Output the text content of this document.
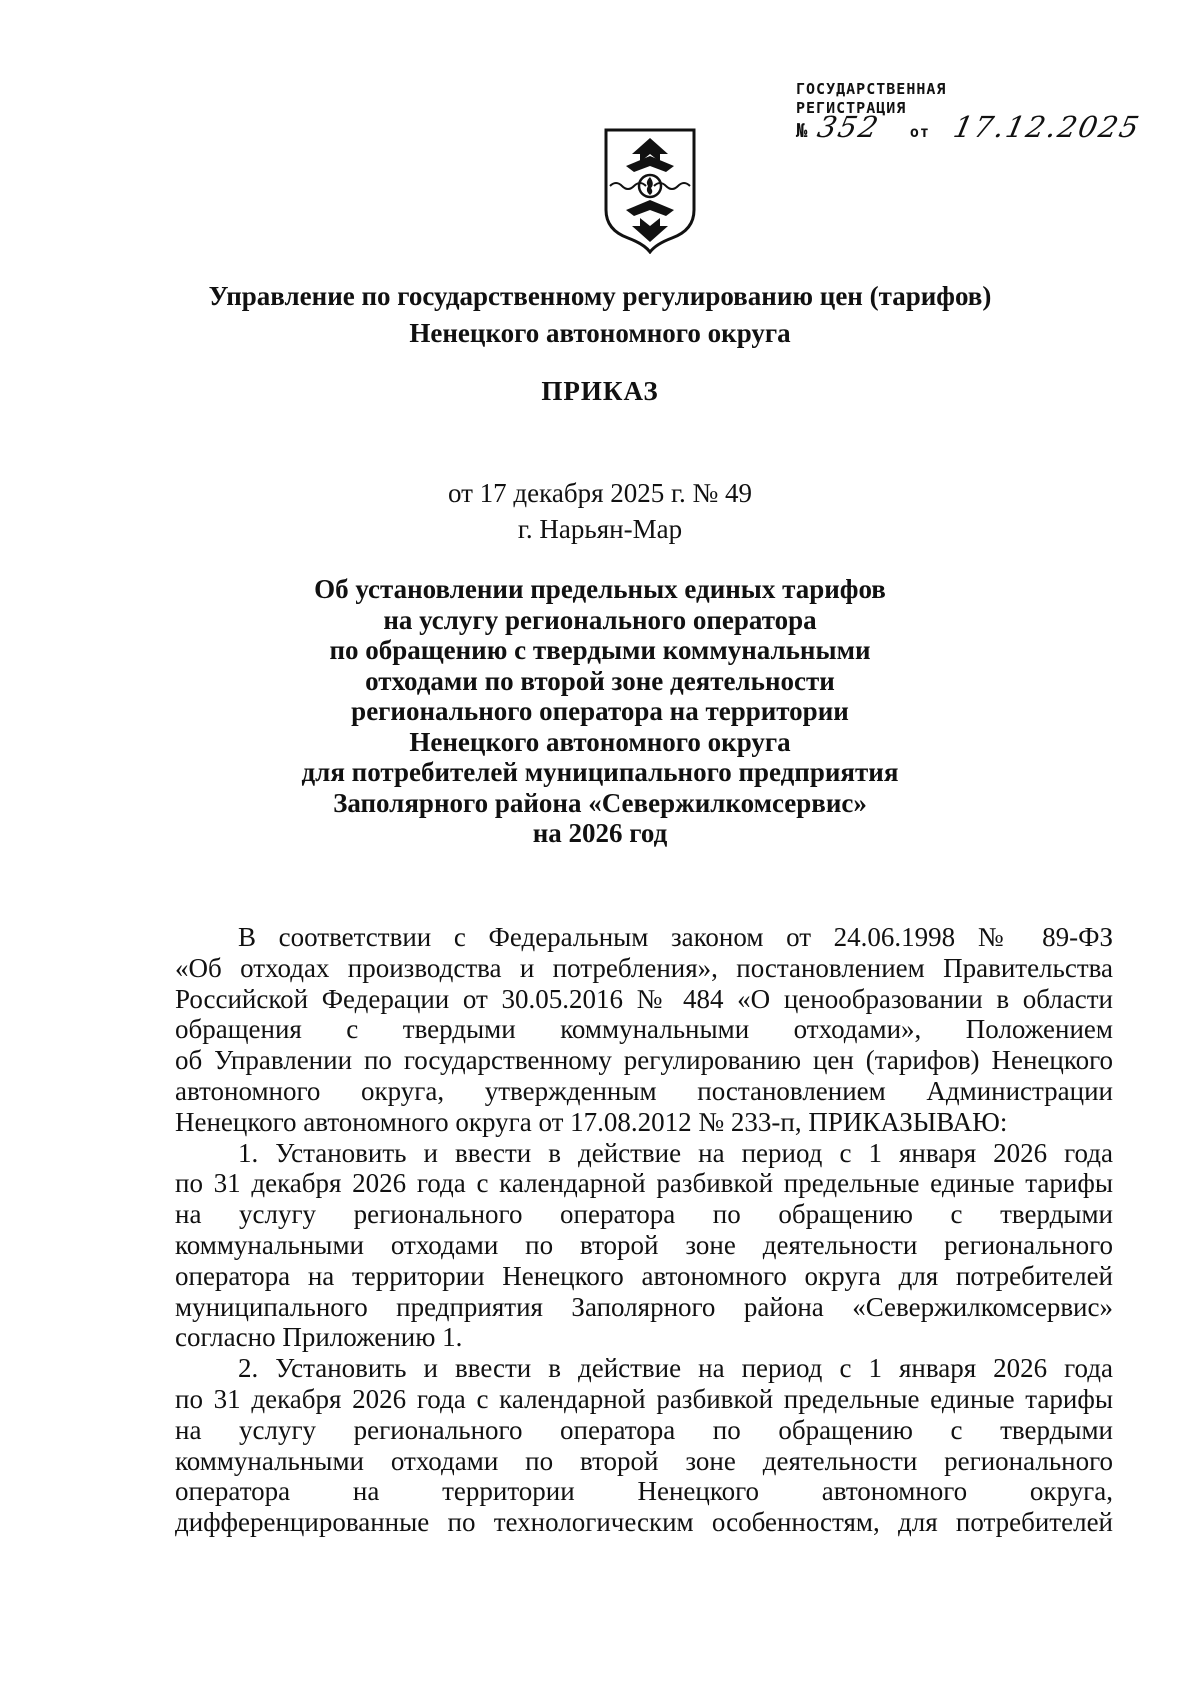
ГОСУДАРСТВЕННАЯ
РЕГИСТРАЦИЯ
№ 352 от 17.12.2025
Управление по государственному регулированию цен (тарифов)
Ненецкого автономного округа
ПРИКАЗ
от 17 декабря 2025 г. № 49
г. Нарьян-Мар
Об установлении предельных единых тарифов
на услугу регионального оператора
по обращению с твердыми коммунальными
отходами по второй зоне деятельности
регионального оператора на территории
Ненецкого автономного округа
для потребителей муниципального предприятия
Заполярного района «Севержилкомсервис»
на 2026 год

В соответствии с Федеральным законом от 24.06.1998 № 89-ФЗ
«Об отходах производства и потребления», постановлением Правительства
Российской Федерации от 30.05.2016 № 484 «О ценообразовании в области
обращения с твердыми коммунальными отходами», Положением
об Управлении по государственному регулированию цен (тарифов) Ненецкого
автономного округа, утвержденным постановлением Администрации
Ненецкого автономного округа от 17.08.2012 № 233-п, ПРИКАЗЫВАЮ:

1. Установить и ввести в действие на период с 1 января 2026 года
по 31 декабря 2026 года с календарной разбивкой предельные единые тарифы
на услугу регионального оператора по обращению с твердыми
коммунальными отходами по второй зоне деятельности регионального
оператора на территории Ненецкого автономного округа для потребителей
муниципального предприятия Заполярного района «Севержилкомсервис»
согласно Приложению 1.

2. Установить и ввести в действие на период с 1 января 2026 года
по 31 декабря 2026 года с календарной разбивкой предельные единые тарифы
на услугу регионального оператора по обращению с твердыми
коммунальными отходами по второй зоне деятельности регионального
оператора на территории Ненецкого автономного округа,
дифференцированные по технологическим особенностям, для потребителей
